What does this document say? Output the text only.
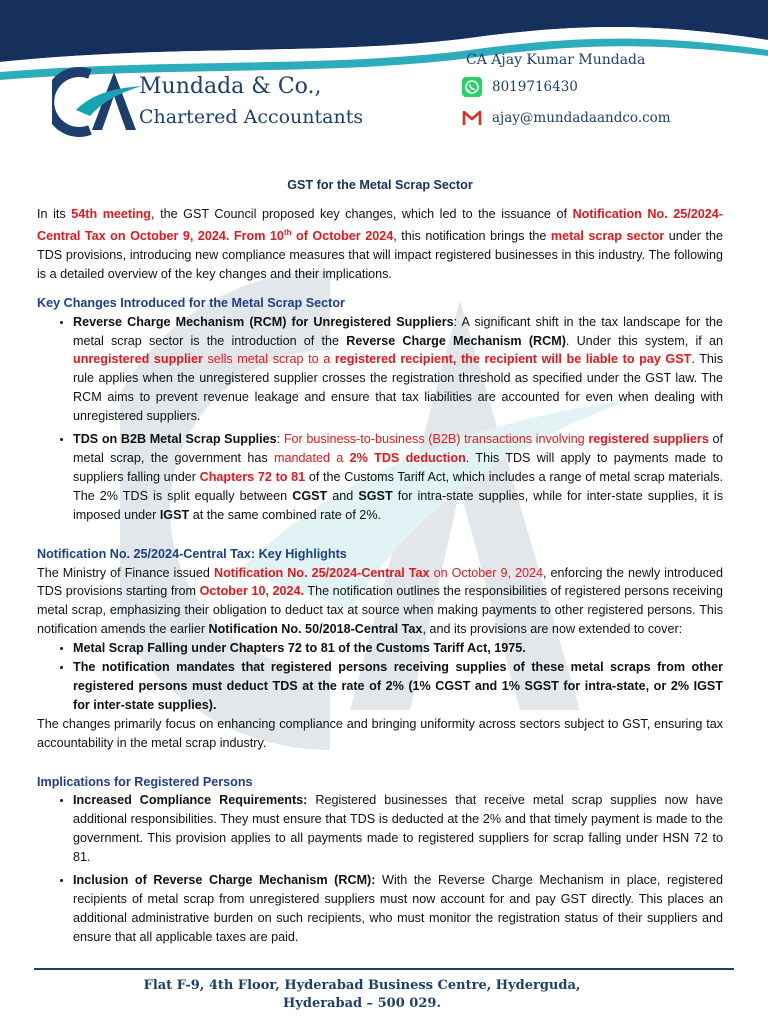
Mundada & Co.,
Chartered Accountants
CA Ajay Kumar Mundada
8019716430
ajay@mundadaandco.com
GST for the Metal Scrap Sector

In its 54th meeting, the GST Council proposed key changes, which led to the issuance of Notification No. 25/2024-Central Tax on October 9, 2024. From 10th of October 2024, this notification brings the metal scrap sector under the TDS provisions, introducing new compliance measures that will impact registered businesses in this industry. The following is a detailed overview of the key changes and their implications.

Key Changes Introduced for the Metal Scrap Sector
• Reverse Charge Mechanism (RCM) for Unregistered Suppliers: A significant shift in the tax landscape for the metal scrap sector is the introduction of the Reverse Charge Mechanism (RCM). Under this system, if an unregistered supplier sells metal scrap to a registered recipient, the recipient will be liable to pay GST. This rule applies when the unregistered supplier crosses the registration threshold as specified under the GST law. The RCM aims to prevent revenue leakage and ensure that tax liabilities are accounted for even when dealing with unregistered suppliers.
• TDS on B2B Metal Scrap Supplies: For business-to-business (B2B) transactions involving registered suppliers of metal scrap, the government has mandated a 2% TDS deduction. This TDS will apply to payments made to suppliers falling under Chapters 72 to 81 of the Customs Tariff Act, which includes a range of metal scrap materials. The 2% TDS is split equally between CGST and SGST for intra-state supplies, while for inter-state supplies, it is imposed under IGST at the same combined rate of 2%.
Notification No. 25/2024-Central Tax: Key Highlights

The Ministry of Finance issued Notification No. 25/2024-Central Tax on October 9, 2024, enforcing the newly introduced TDS provisions starting from October 10, 2024. The notification outlines the responsibilities of registered persons receiving metal scrap, emphasizing their obligation to deduct tax at source when making payments to other registered persons. This notification amends the earlier Notification No. 50/2018-Central Tax, and its provisions are now extended to cover:

• Metal Scrap Falling under Chapters 72 to 81 of the Customs Tariff Act, 1975.
• The notification mandates that registered persons receiving supplies of these metal scraps from other registered persons must deduct TDS at the rate of 2% (1% CGST and 1% SGST for intra-state, or 2% IGST for inter-state supplies).

The changes primarily focus on enhancing compliance and bringing uniformity across sectors subject to GST, ensuring tax accountability in the metal scrap industry.

Implications for Registered Persons
• Increased Compliance Requirements: Registered businesses that receive metal scrap supplies now have additional responsibilities. They must ensure that TDS is deducted at the 2% and that timely payment is made to the government. This provision applies to all payments made to registered suppliers for scrap falling under HSN 72 to 81.
• Inclusion of Reverse Charge Mechanism (RCM): With the Reverse Charge Mechanism in place, registered recipients of metal scrap from unregistered suppliers must now account for and pay GST directly. This places an additional administrative burden on such recipients, who must monitor the registration status of their suppliers and ensure that all applicable taxes are paid.
Flat F-9, 4th Floor, Hyderabad Business Centre, Hyderguda,
Hyderabad – 500 029.
